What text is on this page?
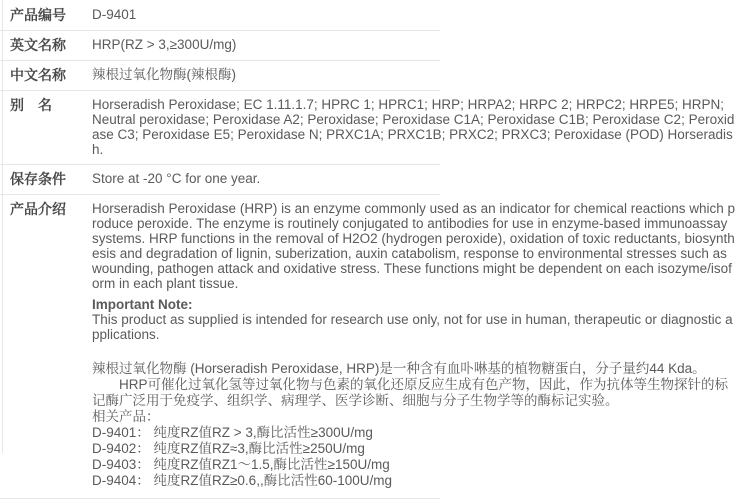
产品编号	D-9401
英文名称	HRP(RZ > 3,≥300U/mg)
中文名称	辣根过氧化物酶(辣根酶)
别　名	Horseradish Peroxidase; EC 1.11.1.7; HPRC 1; HPRC1; HRP; HRPA2; HRPC 2; HRPC2; HRPE5; HRPN; Neutral peroxidase; Peroxidase A2; Peroxidase; Peroxidase C1A; Peroxidase C1B; Peroxidase C2; Peroxidase C3; Peroxidase E5; Peroxidase N; PRXC1A; PRXC1B; PRXC2; PRXC3; Peroxidase (POD) Horseradish.
保存条件	Store at -20 °C for one year.
产品介绍	Horseradish Peroxidase (HRP) is an enzyme commonly used as an indicator for chemical reactions which produce peroxide. The enzyme is routinely conjugated to antibodies for use in enzyme-based immunoassay systems. HRP functions in the removal of H2O2 (hydrogen peroxide), oxidation of toxic reductants, biosynthesis and degradation of lignin, suberization, auxin catabolism, response to environmental stresses such as wounding, pathogen attack and oxidative stress. These functions might be dependent on each isozyme/isoform in each plant tissue.
Important Note:
This product as supplied is intended for research use only, not for use in human, therapeutic or diagnostic applications.
辣根过氧化物酶 (Horseradish Peroxidase, HRP)是一种含有血卟啉基的植物糖蛋白，分子量约44 Kda。
HRP可催化过氧化氢等过氧化物与色素的氧化还原反应生成有色产物，因此，作为抗体等生物探针的标记酶广泛用于免疫学、组织学、病理学、医学诊断、细胞与分子生物学等的酶标记实验。
相关产品：
D-9401： 纯度RZ值RZ > 3,酶比活性≥300U/mg
D-9402： 纯度RZ值RZ≈3,酶比活性≥250U/mg
D-9403： 纯度RZ值RZ1～1.5,酶比活性≥150U/mg
D-9404： 纯度RZ值RZ≥0.6,,酶比活性60-100U/mg
